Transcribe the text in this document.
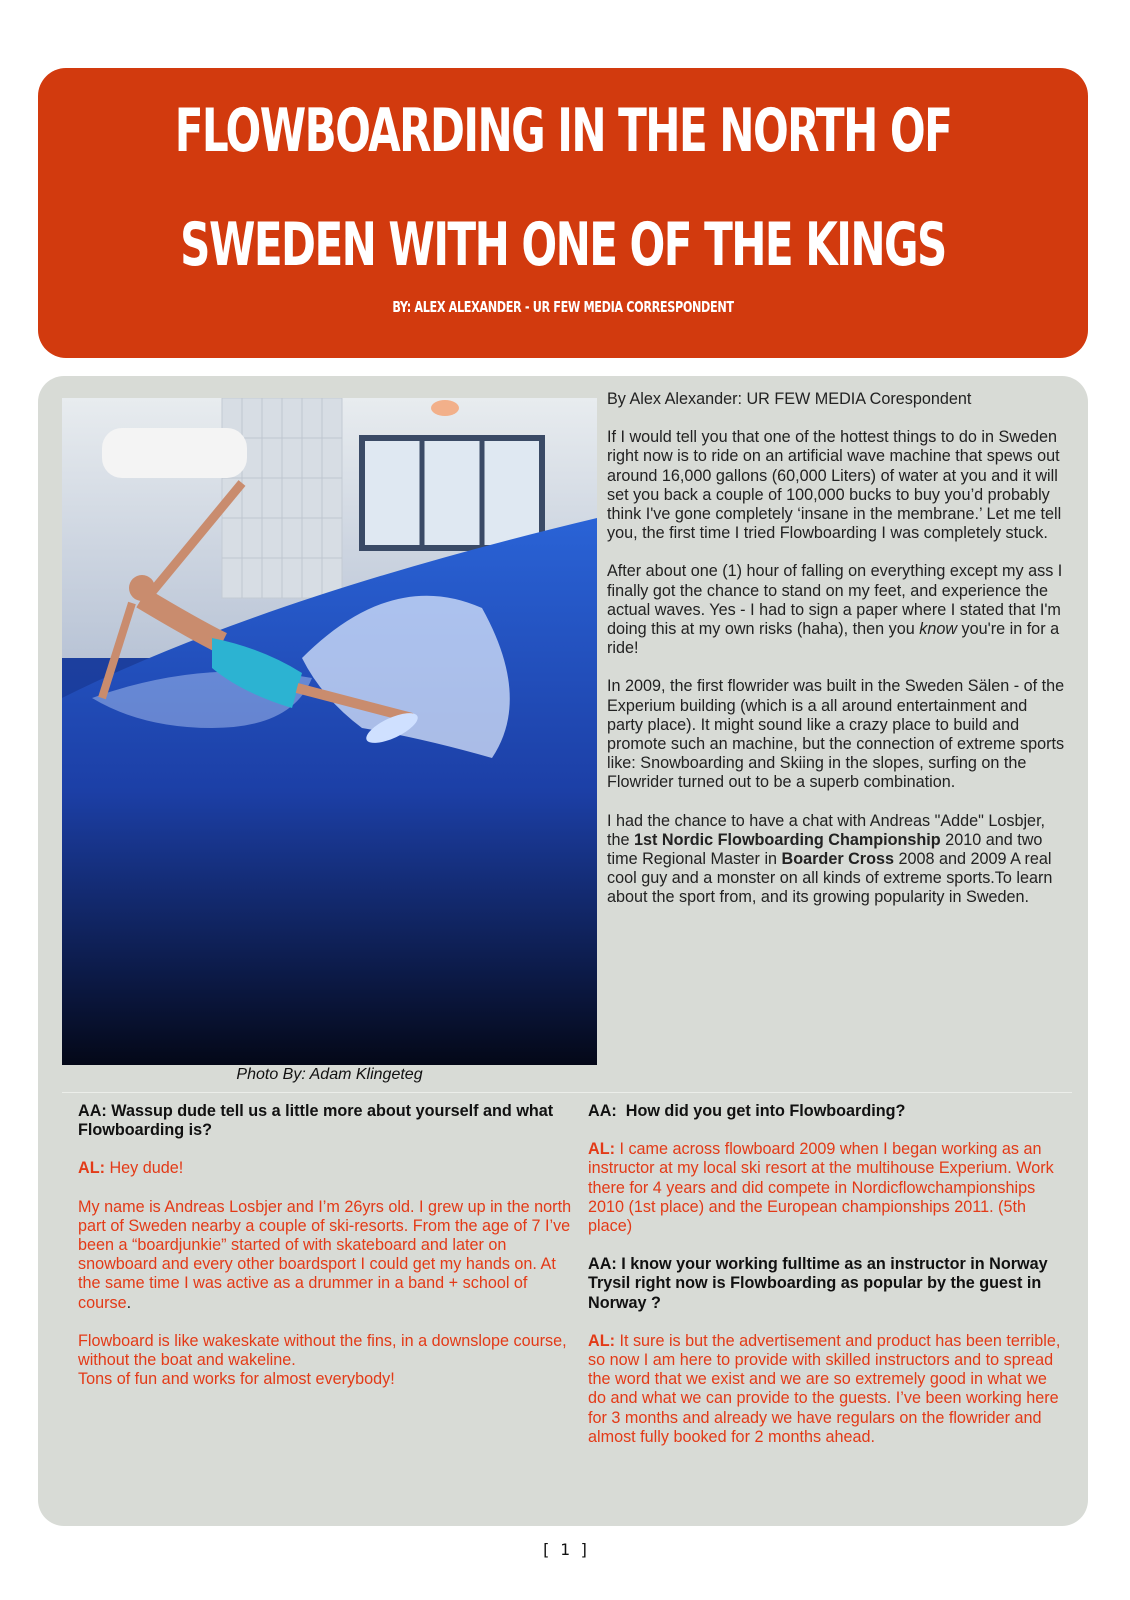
FLOWBOARDING IN THE NORTH OF
SWEDEN WITH ONE OF THE KINGS
BY: ALEX ALEXANDER - UR FEW MEDIA CORRESPONDENT
Photo By: Adam Klingeteg

By Alex Alexander: UR FEW MEDIA Corespondent

If I would tell you that one of the hottest things to do in Sweden right now is to ride on an artificial wave machine that spews out around 16,000 gallons (60,000 Liters) of water at you and it will set you back a couple of 100,000 bucks to buy you’d probably think I've gone completely ‘insane in the membrane.’ Let me tell you, the first time I tried Flowboarding I was completely stuck.

After about one (1) hour of falling on everything except my ass I finally got the chance to stand on my feet, and experience the actual waves. Yes - I had to sign a paper where I stated that I'm doing this at my own risks (haha), then you know you're in for a ride!

In 2009, the first flowrider was built in the Sweden Sälen - of the Experium building (which is a all around entertainment and party place). It might sound like a crazy place to build and promote such an machine, but the connection of extreme sports like: Snowboarding and Skiing in the slopes, surfing on the Flowrider turned out to be a superb combination.

I had the chance to have a chat with Andreas "Adde" Losbjer, the 1st Nordic Flowboarding Championship 2010 and two time Regional Master in Boarder Cross 2008 and 2009 A real cool guy and a monster on all kinds of extreme sports.To learn about the sport from, and its growing popularity in Sweden.

AA: Wassup dude tell us a little more about yourself and what Flowboarding is?

AL: Hey dude!

My name is Andreas Losbjer and I’m 26yrs old. I grew up in the north part of Sweden nearby a couple of ski-resorts. From the age of 7 I’ve been a “boardjunkie” started of with skateboard and later on snowboard and every other boardsport I could get my hands on. At the same time I was active as a drummer in a band + school of course.

Flowboard is like wakeskate without the fins, in a downslope course, without the boat and wakeline.
Tons of fun and works for almost everybody!

AA:  How did you get into Flowboarding?

AL: I came across flowboard 2009 when I began working as an instructor at my local ski resort at the multihouse Experium. Work there for 4 years and did compete in Nordicflowchampionships 2010 (1st place) and the European championships 2011. (5th place)

AA: I know your working fulltime as an instructor in Norway Trysil right now is Flowboarding as popular by the guest in Norway ?

AL: It sure is but the advertisement and product has been terrible, so now I am here to provide with skilled instructors and to spread the word that we exist and we are so extremely good in what we do and what we can provide to the guests. I’ve been working here for 3 months and already we have regulars on the flowrider and almost fully booked for 2 months ahead.

[ 1 ]
